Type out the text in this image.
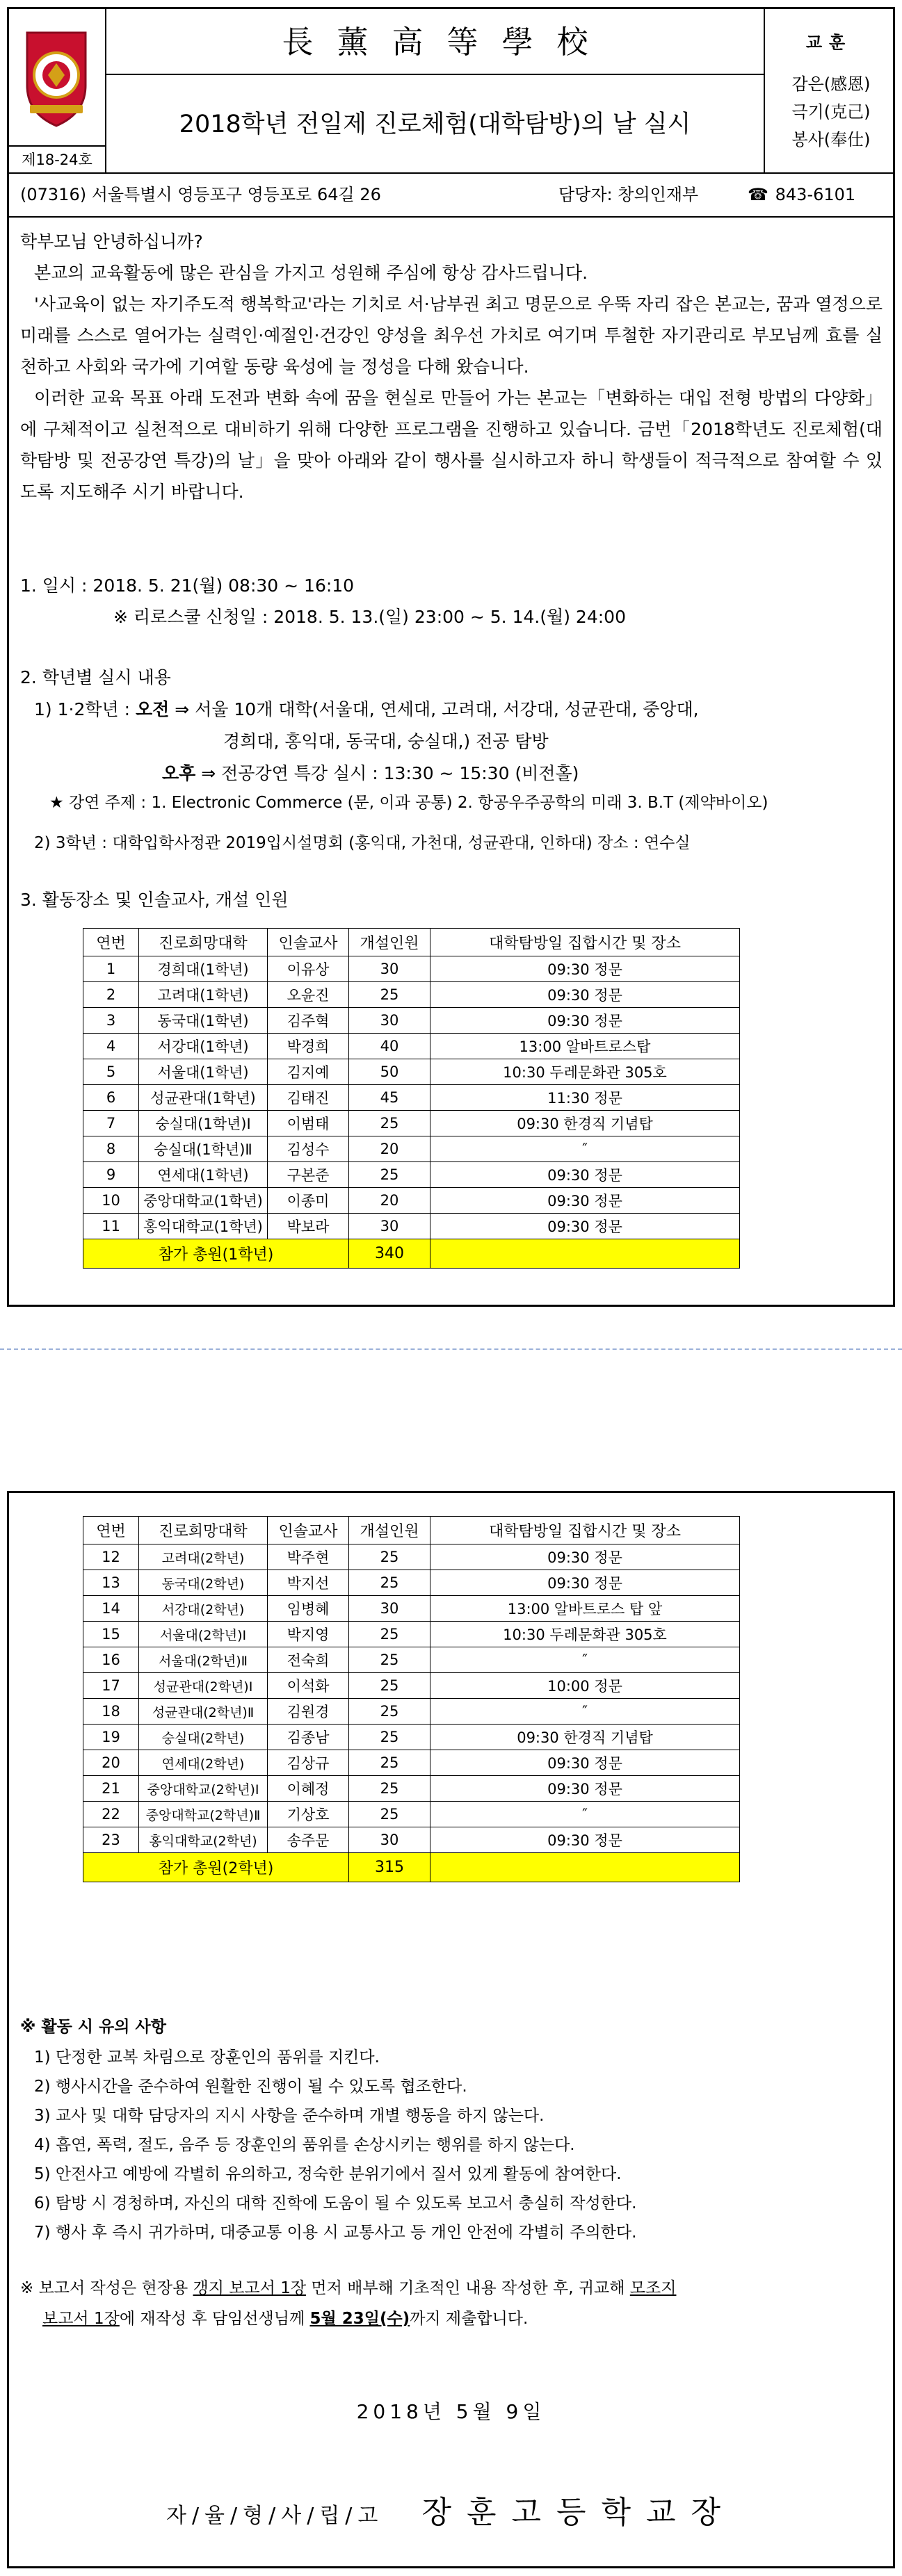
제18-24호
長薰高等學校
2018학년 전일제 진로체험(대학탐방)의 날 실시
교훈
감은(感恩)
극기(克己)
봉사(奉仕)
(07316) 서울특별시 영등포구 영등포로 64길 26	담당자: 창의인재부	☎ 843-6101
학부모님 안녕하십니까?
본교의 교육활동에 많은 관심을 가지고 성원해 주심에 항상 감사드립니다.
'사교육이 없는 자기주도적 행복학교'라는 기치로 서·남부권 최고 명문으로 우뚝 자리 잡은 본교는, 꿈과 열정으로 미래를 스스로 열어가는 실력인·예절인·건강인 양성을 최우선 가치로 여기며 투철한 자기관리로 부모님께 효를 실천하고 사회와 국가에 기여할 동량 육성에 늘 정성을 다해 왔습니다.
이러한 교육 목표 아래 도전과 변화 속에 꿈을 현실로 만들어 가는 본교는「변화하는 대입 전형 방법의 다양화」에 구체적이고 실천적으로 대비하기 위해 다양한 프로그램을 진행하고 있습니다. 금번「2018학년도 진로체험(대학탐방 및 전공강연 특강)의 날」을 맞아 아래와 같이 행사를 실시하고자 하니 학생들이 적극적으로 참여할 수 있도록 지도해주 시기 바랍니다.
1. 일시 : 2018. 5. 21(월) 08:30 ~ 16:10
※ 리로스쿨 신청일 : 2018. 5. 13.(일) 23:00 ~ 5. 14.(월) 24:00
2. 학년별 실시 내용
1) 1·2학년 : 오전 ⇒ 서울 10개 대학(서울대, 연세대, 고려대, 서강대, 성균관대, 중앙대,
경희대, 홍익대, 동국대, 숭실대,) 전공 탐방
오후 ⇒ 전공강연 특강 실시 : 13:30 ~ 15:30 (비전홀)
★ 강연 주제 : 1. Electronic Commerce (문, 이과 공통) 2. 항공우주공학의 미래 3. B.T (제약바이오)
2) 3학년 : 대학입학사정관 2019입시설명회 (홍익대, 가천대, 성균관대, 인하대) 장소 : 연수실
3. 활동장소 및 인솔교사, 개설 인원
연번	진로희망대학	인솔교사	개설인원	대학탐방일 집합시간 및 장소
1	경희대(1학년)	이유상	30	09:30 정문
2	고려대(1학년)	오윤진	25	09:30 정문
3	동국대(1학년)	김주혁	30	09:30 정문
4	서강대(1학년)	박경희	40	13:00 알바트로스탑
5	서울대(1학년)	김지예	50	10:30 두레문화관 305호
6	성균관대(1학년)	김태진	45	11:30 정문
7	숭실대(1학년)Ⅰ	이범태	25	09:30 한경직 기념탑
8	숭실대(1학년)Ⅱ	김성수	20	″
9	연세대(1학년)	구본준	25	09:30 정문
10	중앙대학교(1학년)	이종미	20	09:30 정문
11	홍익대학교(1학년)	박보라	30	09:30 정문
참가 총원(1학년)			340	
연번	진로희망대학	인솔교사	개설인원	대학탐방일 집합시간 및 장소
12	고려대(2학년)	박주현	25	09:30 정문
13	동국대(2학년)	박지선	25	09:30 정문
14	서강대(2학년)	임병혜	30	13:00 알바트로스 탑 앞
15	서울대(2학년)Ⅰ	박지영	25	10:30 두레문화관 305호
16	서울대(2학년)Ⅱ	전숙희	25	″
17	성균관대(2학년)Ⅰ	이석화	25	10:00 정문
18	성균관대(2학년)Ⅱ	김원경	25	″
19	숭실대(2학년)	김종남	25	09:30 한경직 기념탑
20	연세대(2학년)	김상규	25	09:30 정문
21	중앙대학교(2학년)Ⅰ	이혜정	25	09:30 정문
22	중앙대학교(2학년)Ⅱ	기상호	25	″
23	홍익대학교(2학년)	송주문	30	09:30 정문
참가 총원(2학년)			315	
※ 활동 시 유의 사항
1) 단정한 교복 차림으로 장훈인의 품위를 지킨다.
2) 행사시간을 준수하여 원활한 진행이 될 수 있도록 협조한다.
3) 교사 및 대학 담당자의 지시 사항을 준수하며 개별 행동을 하지 않는다.
4) 흡연, 폭력, 절도, 음주 등 장훈인의 품위를 손상시키는 행위를 하지 않는다.
5) 안전사고 예방에 각별히 유의하고, 정숙한 분위기에서 질서 있게 활동에 참여한다.
6) 탐방 시 경청하며, 자신의 대학 진학에 도움이 될 수 있도록 보고서 충실히 작성한다.
7) 행사 후 즉시 귀가하며, 대중교통 이용 시 교통사고 등 개인 안전에 각별히 주의한다.
※ 보고서 작성은 현장용 갱지 보고서 1장 먼저 배부해 기초적인 내용 작성한 후, 귀교해 모조지
보고서 1장에 재작성 후 담임선생님께 5월 23일(수)까지 제출합니다.
2018년 5월 9일
자/율/형/사/립/고 장훈고등학교장
